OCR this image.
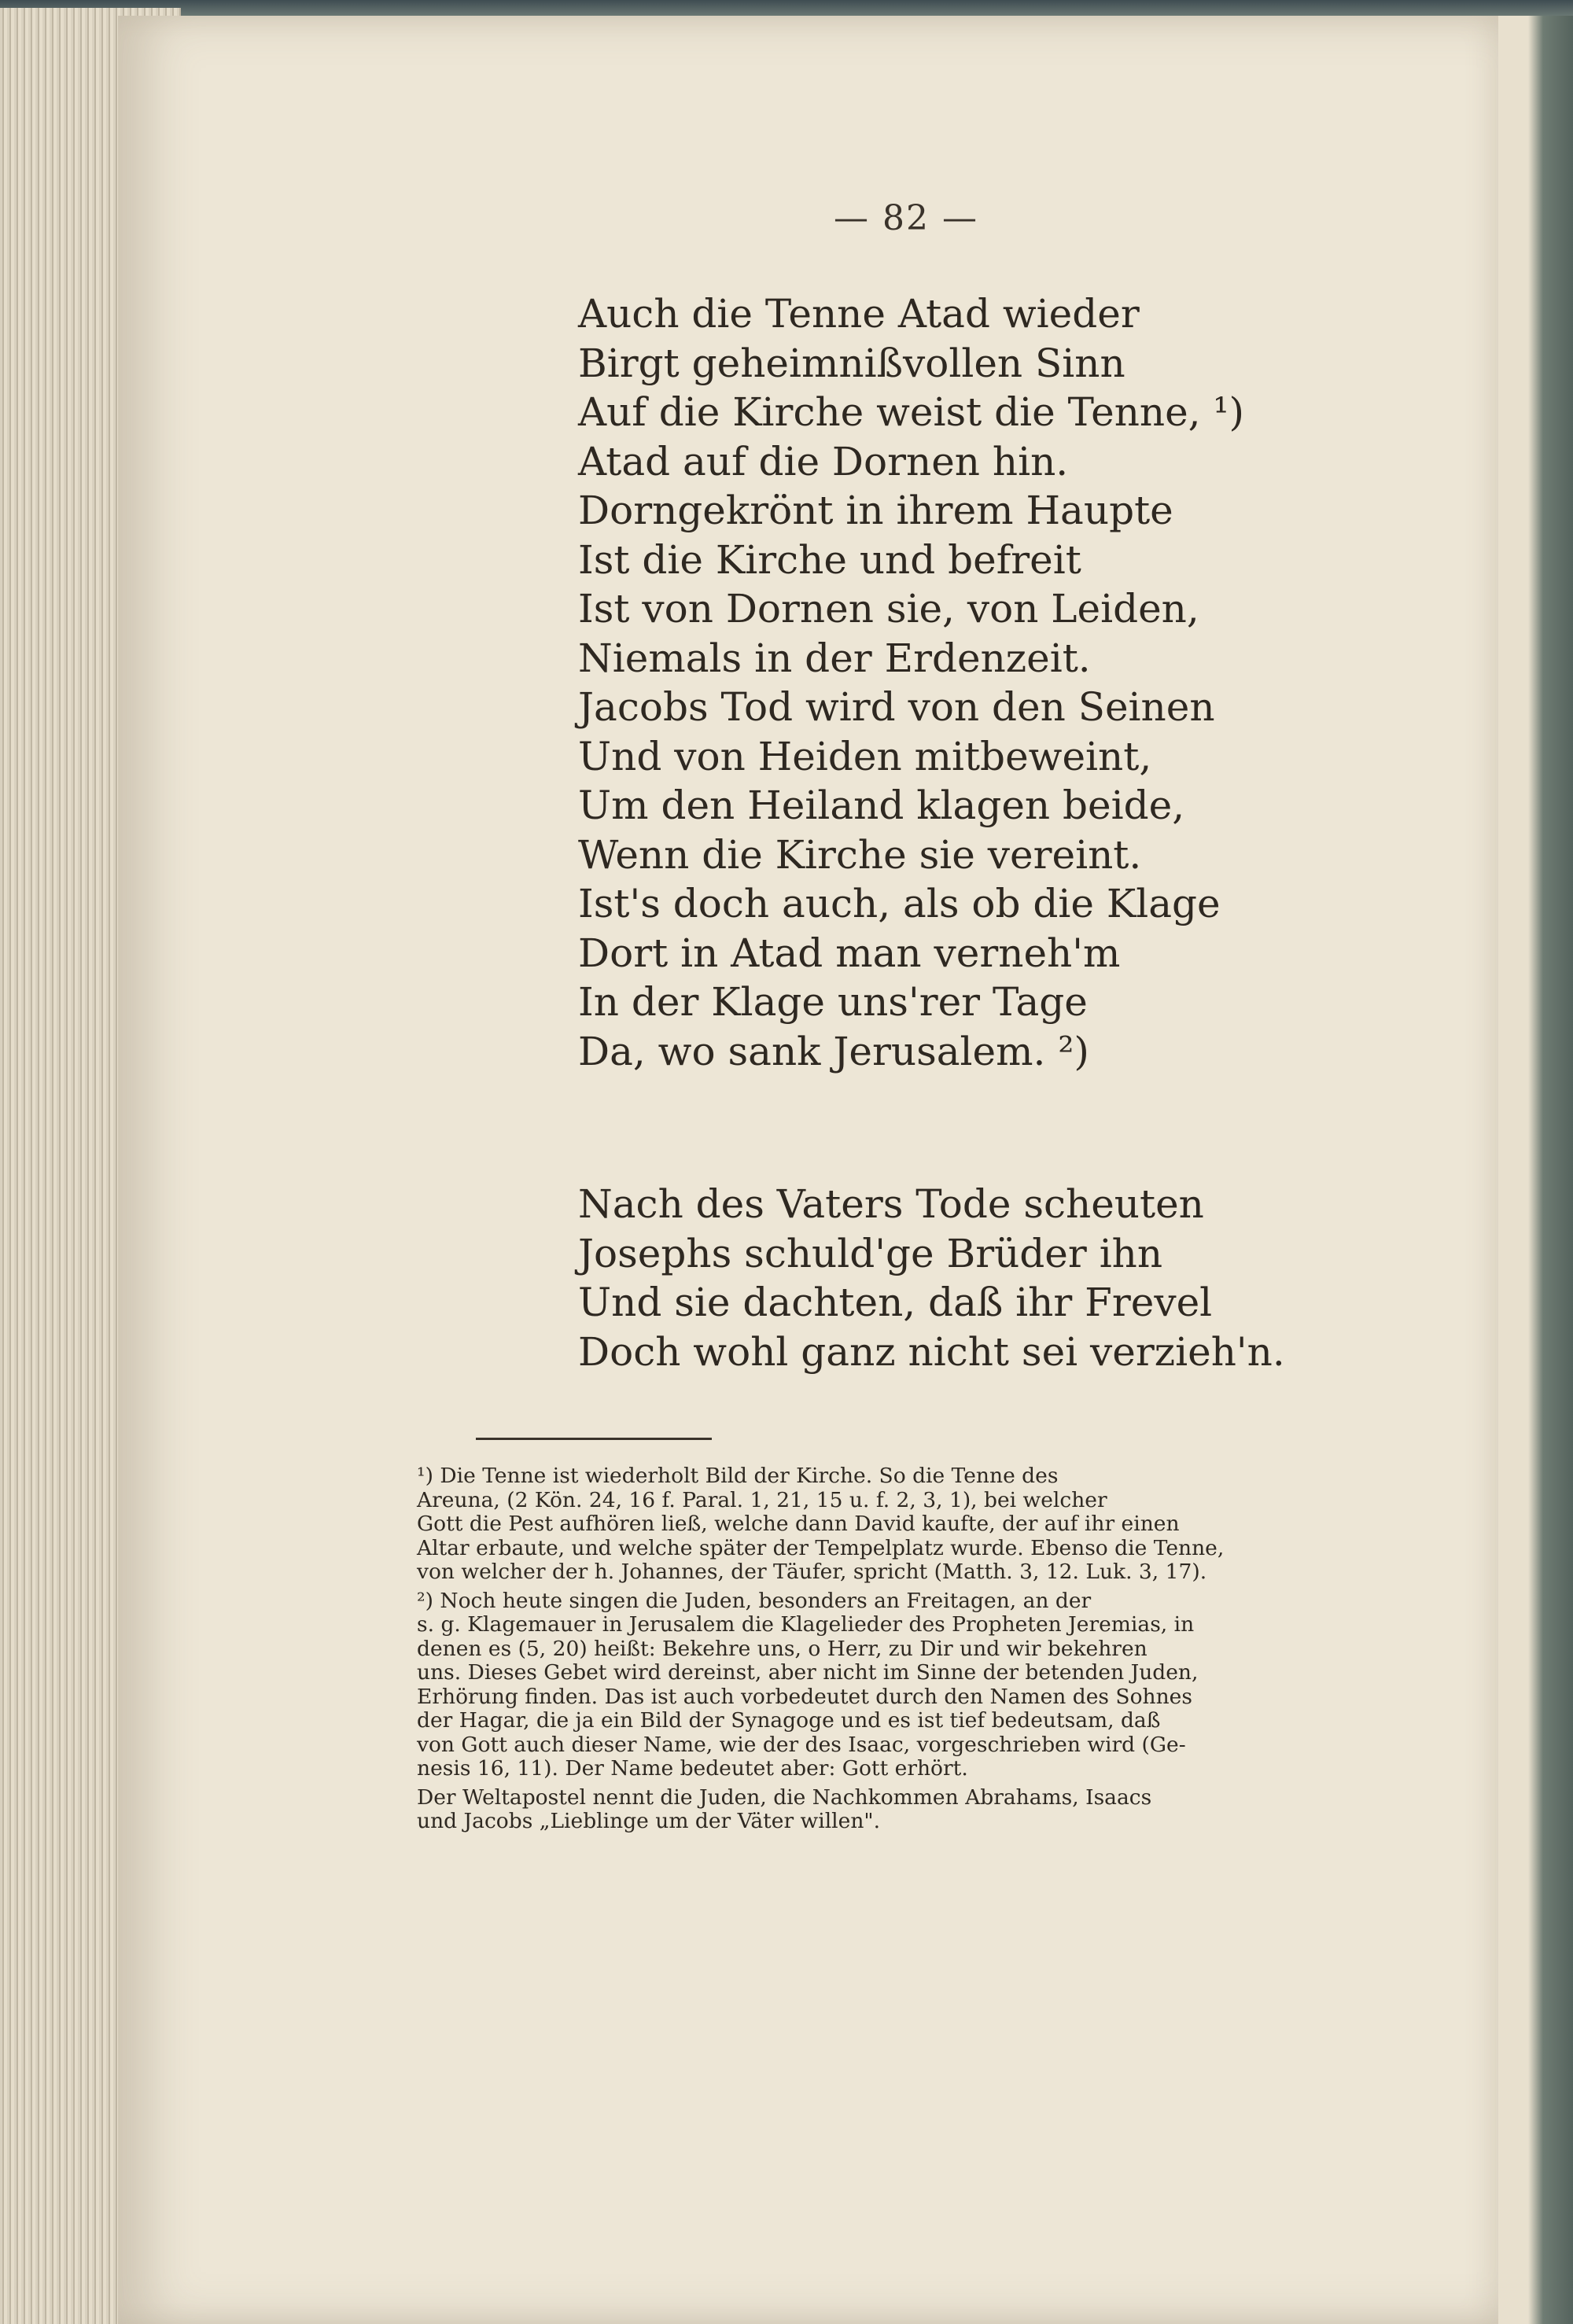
— 82 —
Auch die Tenne Atad wieder
Birgt geheimnißvollen Sinn
Auf die Kirche weist die Tenne, ¹)
Atad auf die Dornen hin.
Dorngekrönt in ihrem Haupte
Ist die Kirche und befreit
Ist von Dornen sie, von Leiden,
Niemals in der Erdenzeit.
Jacobs Tod wird von den Seinen
Und von Heiden mitbeweint,
Um den Heiland klagen beide,
Wenn die Kirche sie vereint.
Ist's doch auch, als ob die Klage
Dort in Atad man verneh'm
In der Klage uns'rer Tage
Da, wo sank Jerusalem. ²)
Nach des Vaters Tode scheuten
Josephs schuld'ge Brüder ihn
Und sie dachten, daß ihr Frevel
Doch wohl ganz nicht sei verzieh'n.
¹) Die Tenne ist wiederholt Bild der Kirche. So die Tenne des
Areuna, (2 Kön. 24, 16 f. Paral. 1, 21, 15 u. f. 2, 3, 1), bei welcher
Gott die Pest aufhören ließ, welche dann David kaufte, der auf ihr einen
Altar erbaute, und welche später der Tempelplatz wurde. Ebenso die Tenne,
von welcher der h. Johannes, der Täufer, spricht (Matth. 3, 12. Luk. 3, 17).
²) Noch heute singen die Juden, besonders an Freitagen, an der
s. g. Klagemauer in Jerusalem die Klagelieder des Propheten Jeremias, in
denen es (5, 20) heißt: Bekehre uns, o Herr, zu Dir und wir bekehren
uns. Dieses Gebet wird dereinst, aber nicht im Sinne der betenden Juden,
Erhörung finden. Das ist auch vorbedeutet durch den Namen des Sohnes
der Hagar, die ja ein Bild der Synagoge und es ist tief bedeutsam, daß
von Gott auch dieser Name, wie der des Isaac, vorgeschrieben wird (Ge-
nesis 16, 11). Der Name bedeutet aber: Gott erhört.
Der Weltapostel nennt die Juden, die Nachkommen Abrahams, Isaacs
und Jacobs „Lieblinge um der Väter willen".
